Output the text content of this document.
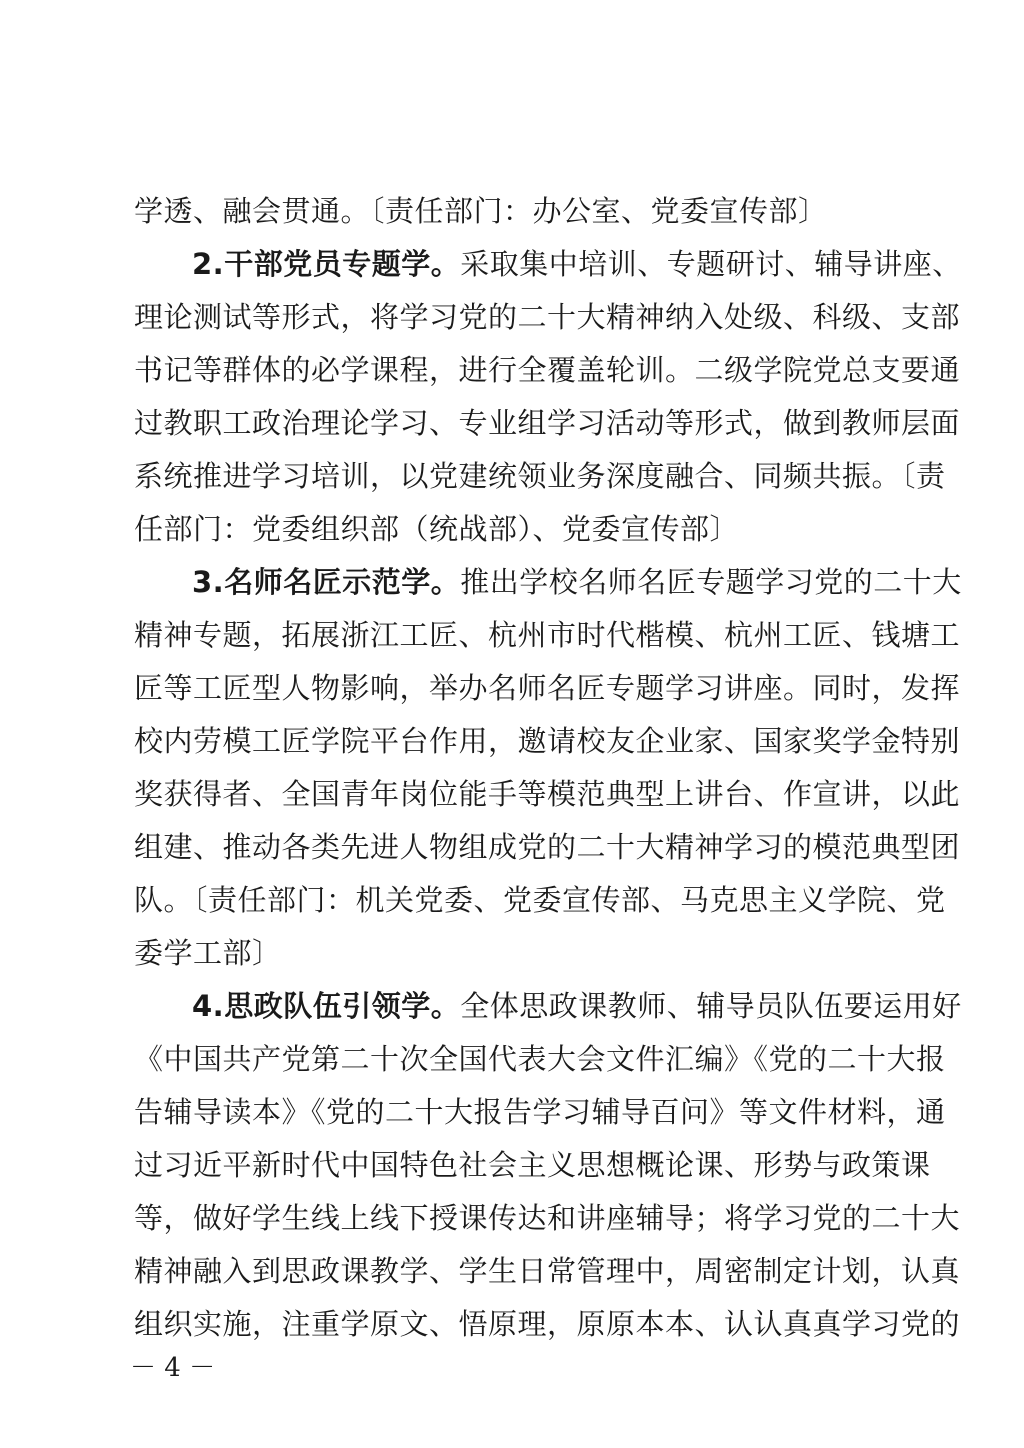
学透、融会贯通。〔责任部门：办公室、党委宣传部〕
2.干部党员专题学。采取集中培训、专题研讨、辅导讲座、
理论测试等形式，将学习党的二十大精神纳入处级、科级、支部
书记等群体的必学课程，进行全覆盖轮训。二级学院党总支要通
过教职工政治理论学习、专业组学习活动等形式，做到教师层面
系统推进学习培训，以党建统领业务深度融合、同频共振。〔责
任部门：党委组织部（统战部）、党委宣传部〕
3.名师名匠示范学。推出学校名师名匠专题学习党的二十大
精神专题，拓展浙江工匠、杭州市时代楷模、杭州工匠、钱塘工
匠等工匠型人物影响，举办名师名匠专题学习讲座。同时，发挥
校内劳模工匠学院平台作用，邀请校友企业家、国家奖学金特别
奖获得者、全国青年岗位能手等模范典型上讲台、作宣讲，以此
组建、推动各类先进人物组成党的二十大精神学习的模范典型团
队。〔责任部门：机关党委、党委宣传部、马克思主义学院、党
委学工部〕
4.思政队伍引领学。全体思政课教师、辅导员队伍要运用好
《中国共产党第二十次全国代表大会文件汇编》《党的二十大报
告辅导读本》《党的二十大报告学习辅导百问》等文件材料，通
过习近平新时代中国特色社会主义思想概论课、形势与政策课
等，做好学生线上线下授课传达和讲座辅导；将学习党的二十大
精神融入到思政课教学、学生日常管理中，周密制定计划，认真
组织实施，注重学原文、悟原理，原原本本、认认真真学习党的
－ 4 －
